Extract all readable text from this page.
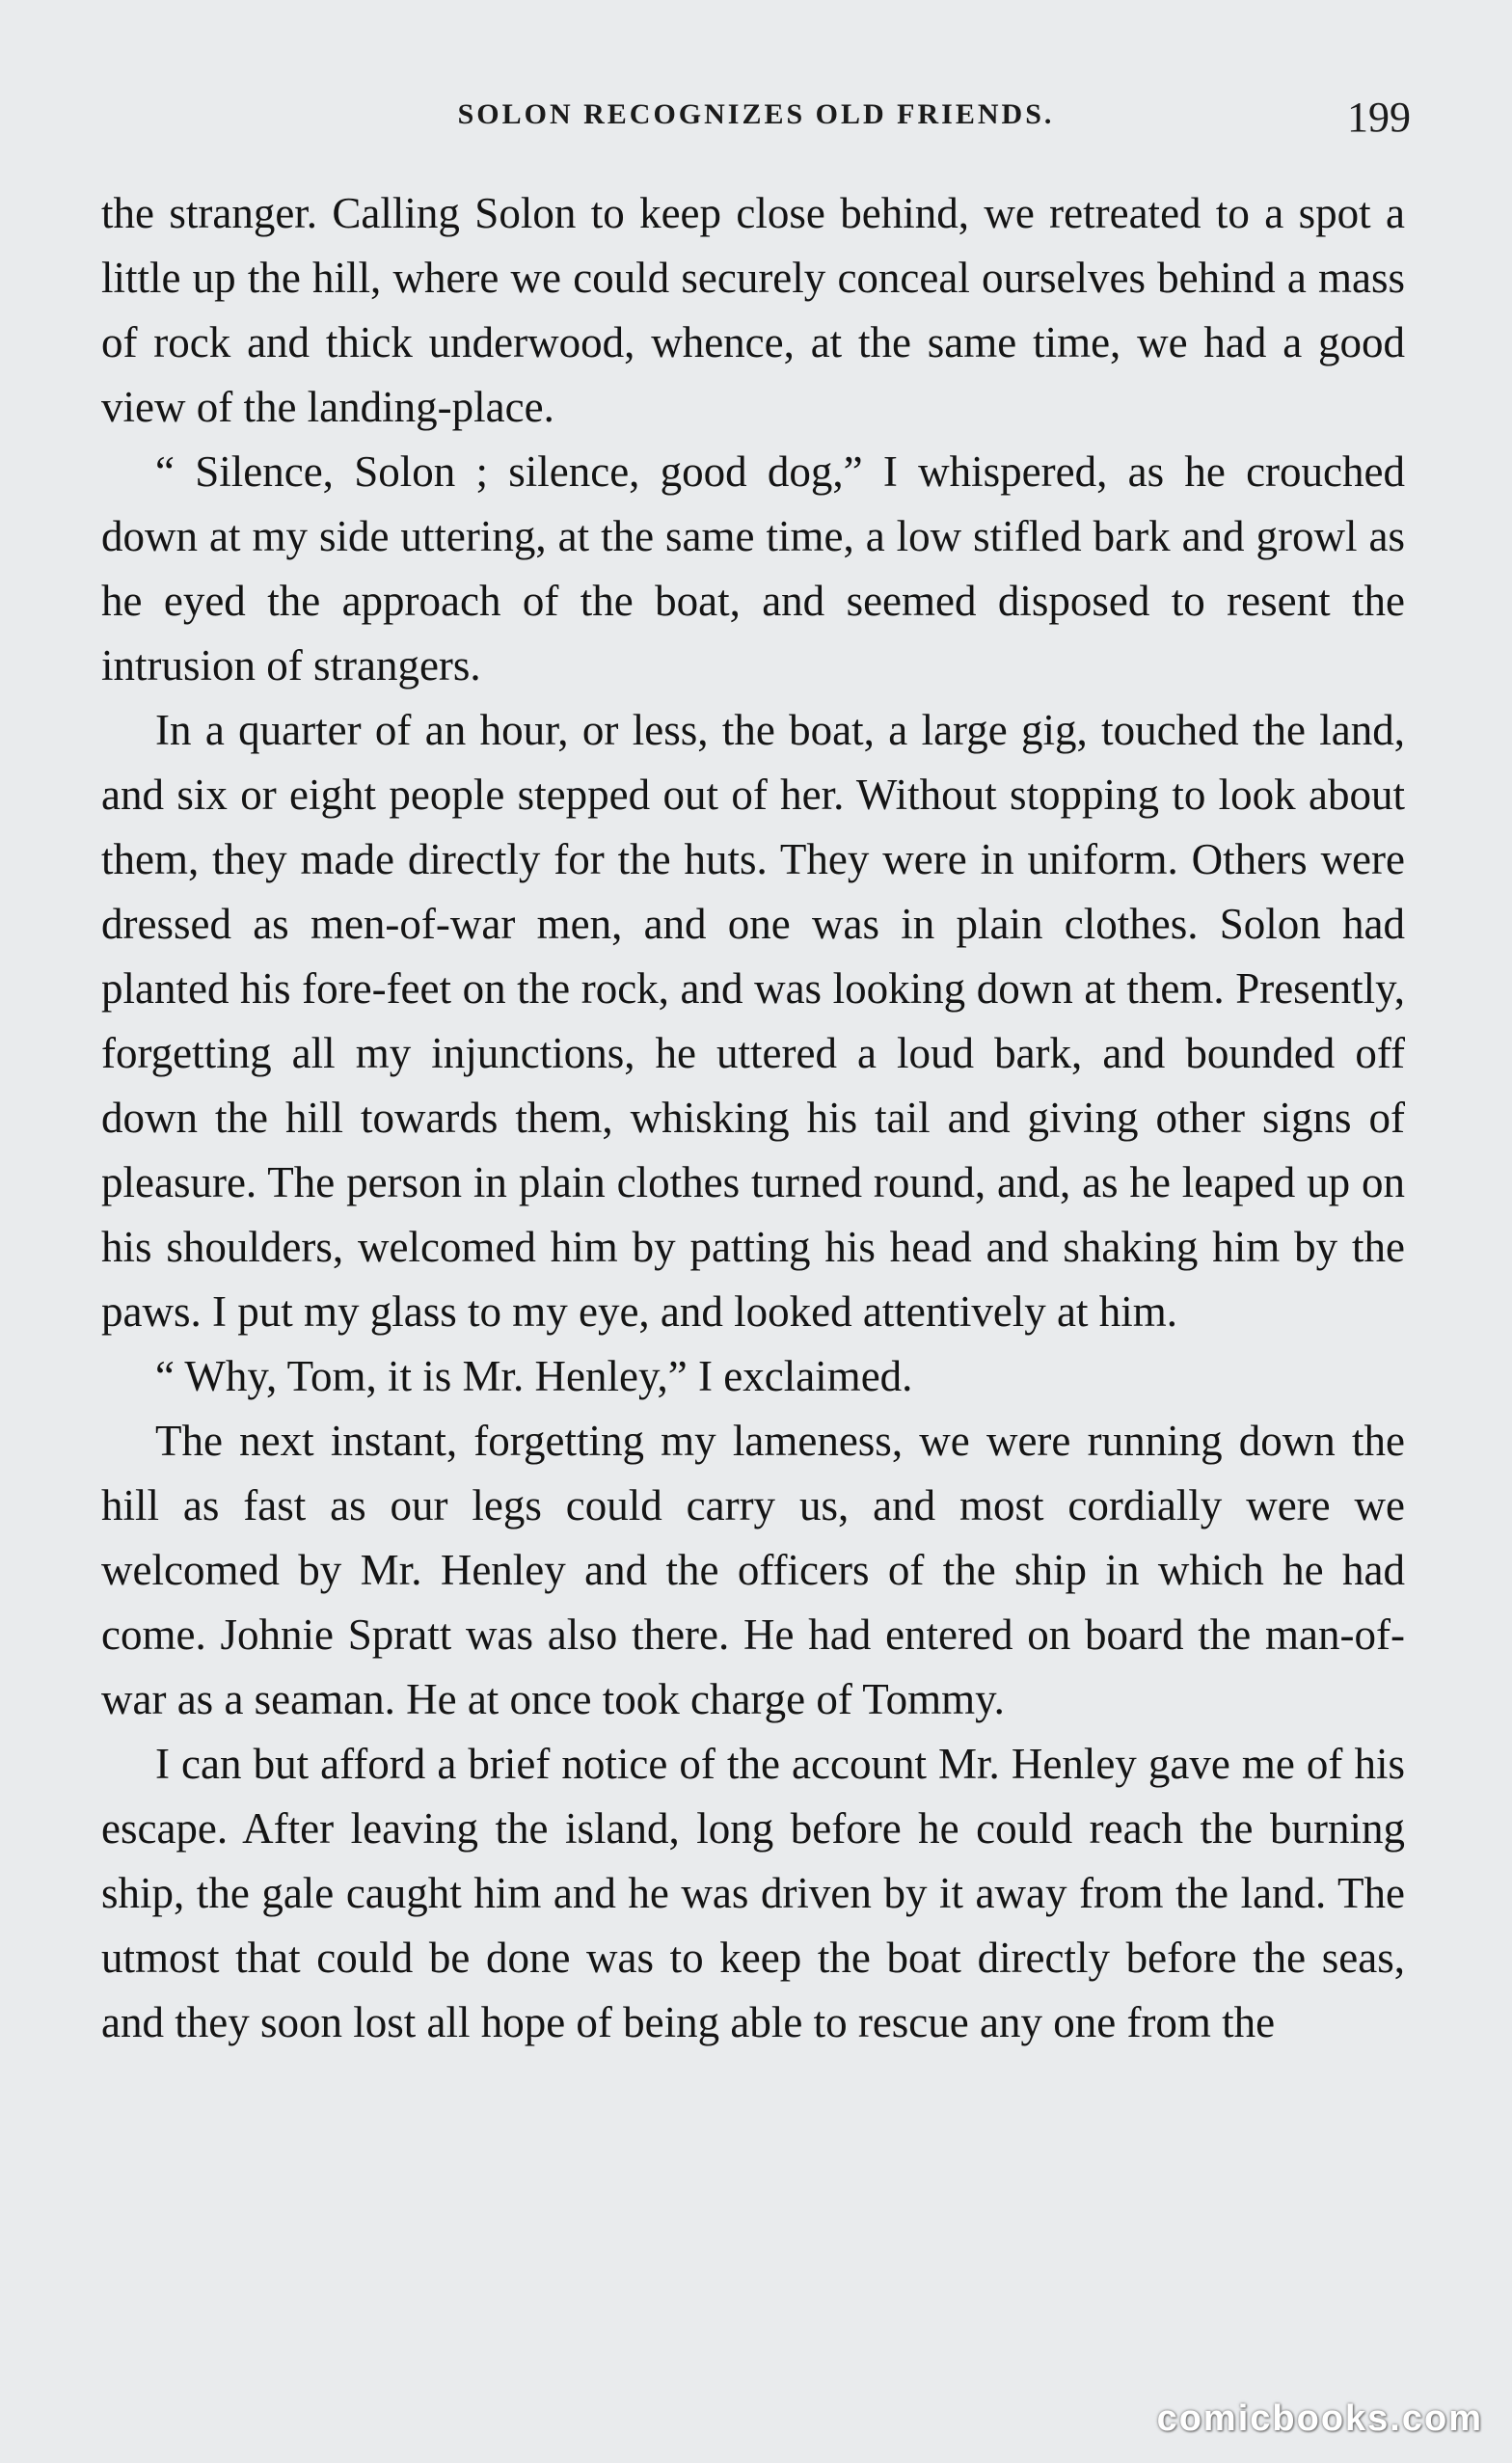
SOLON RECOGNIZES OLD FRIENDS.	199

the stranger. Calling Solon to keep close behind, we retreated to a spot a little up the hill, where we could securely conceal ourselves behind a mass of rock and thick underwood, whence, at the same time, we had a good view of the landing-place.

“ Silence, Solon ; silence, good dog,” I whispered, as he crouched down at my side uttering, at the same time, a low stifled bark and growl as he eyed the approach of the boat, and seemed disposed to resent the intrusion of strangers.

In a quarter of an hour, or less, the boat, a large gig, touched the land, and six or eight people stepped out of her. Without stopping to look about them, they made directly for the huts. They were in uniform. Others were dressed as men-of-war men, and one was in plain clothes. Solon had planted his fore-feet on the rock, and was looking down at them. Presently, forgetting all my injunctions, he uttered a loud bark, and bounded off down the hill towards them, whisking his tail and giving other signs of pleasure. The person in plain clothes turned round, and, as he leaped up on his shoulders, welcomed him by patting his head and shaking him by the paws. I put my glass to my eye, and looked attentively at him.

“ Why, Tom, it is Mr. Henley,” I exclaimed.

The next instant, forgetting my lameness, we were running down the hill as fast as our legs could carry us, and most cordially were we welcomed by Mr. Henley and the officers of the ship in which he had come. Johnie Spratt was also there. He had entered on board the man-of-war as a seaman. He at once took charge of Tommy.

I can but afford a brief notice of the account Mr. Henley gave me of his escape. After leaving the island, long before he could reach the burning ship, the gale caught him and he was driven by it away from the land. The utmost that could be done was to keep the boat directly before the seas, and they soon lost all hope of being able to rescue any one from the

comicbooks.com
